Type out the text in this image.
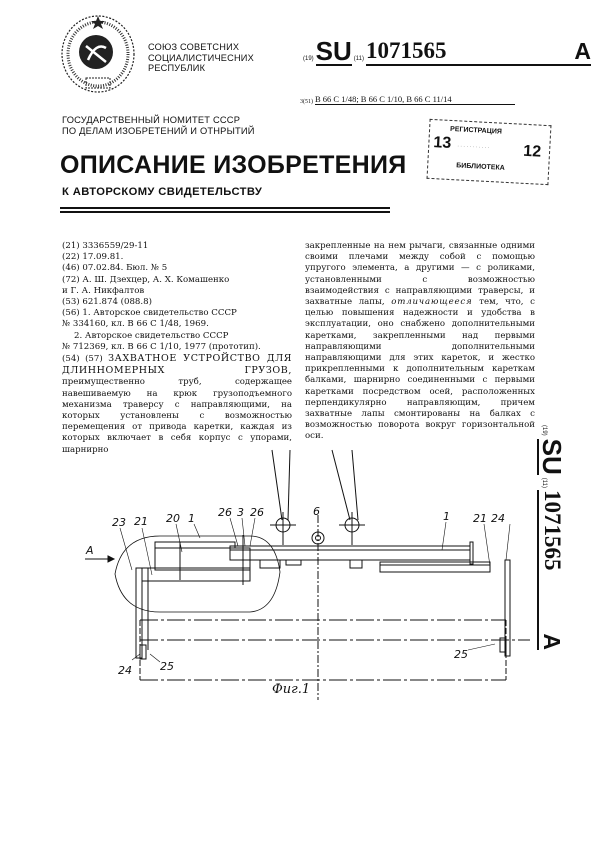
СОЮЗ СОВЕТСНИХ
СОЦИАЛИСТИЧЕСНИХ
РЕСПУБЛИК
ГОСУДАРСТВЕННЫЙ НОМИТЕТ СССР
ПО ДЕЛАМ ИЗОБРЕТЕНИЙ И ОТНРЫТИЙ
(19) SU (11) 1071565	A
3(51) B 66 C 1/48; B 66 C 1/10, B 66 C 11/14
РЕГИСТРАЦИЯ
13 · · · · · · · · · · ·	12
БИБЛИОТЕКА
ОПИСАНИЕ ИЗОБРЕТЕНИЯ
К АВТОРСКОМУ СВИДЕТЕЛЬСТВУ
(21) 3336559/29-11
(22) 17.09.81.
(46) 07.02.84. Бюл. № 5
(72) А. Ш. Дзехцер, А. Х. Комашенко
и Г. А. Никфалтов
(53) 621.874 (088.8)
(56) 1. Авторское свидетельство СССР
№ 334160, кл. B 66 C 1/48, 1969.
2. Авторское свидетельство СССР
№ 712369, кл. B 66 C 1/10, 1977 (прототип).
(54) (57) ЗАХВАТНОЕ УСТРОЙСТВО ДЛЯ ДЛИННОМЕРНЫХ ГРУЗОВ, преимущественно труб, содержащее навешиваемую на крюк грузоподъемного механизма траверсу с направляющими, на которых установлены с возможностью перемещения от привода каретки, каждая из которых включает в себя корпус с упорами, шарнирно
закрепленные на нем рычаги, связанные одними своими плечами между собой с помощью упругого элемента, а другими — с роликами, установленными с возможностью взаимодействия с направляющими траверсы, и захватные лапы, отличающееся тем, что, с целью повышения надежности и удобства в эксплуатации, оно снабжено дополнительными каретками, закрепленными над первыми направляющими дополнительными направляющими для этих кареток, и жестко прикрепленными к дополнительным кареткам балками, шарнирно соединенными с первыми каретками посредством осей, расположенных перпендикулярно направляющим, причем захватные лапы смонтированы на балках с возможностью поворота вокруг горизонтальной оси.
(19)
SU
(11)
1071565
A
A
23 21 20 1 26 3 26	6	1 21 24
24	25
25
Фиг.1
